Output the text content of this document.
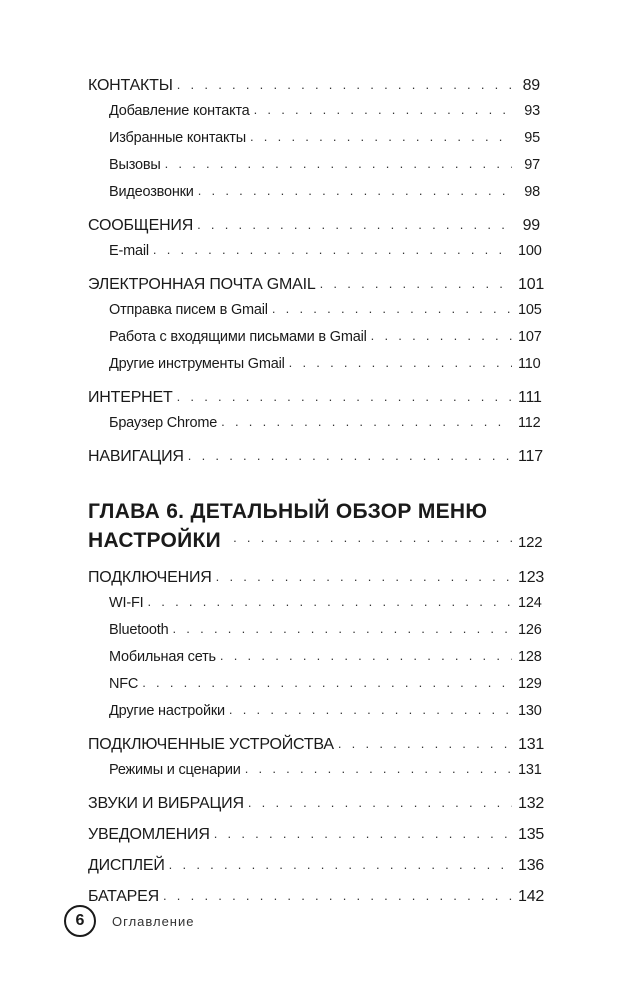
КОНТАКТЫ . . .	89
Добавление контакта . . .	93
Избранные контакты . . .	95
Вызовы . . .	97
Видеозвонки . . .	98
СООБЩЕНИЯ . . .	99
E-mail . . .	100
ЭЛЕКТРОННАЯ ПОЧТА GMAIL . . .	101
Отправка писем в Gmail . . .	105
Работа с входящими письмами в Gmail . . .	107
Другие инструменты Gmail . . .	110
ИНТЕРНЕТ . . .	111
Браузер Chrome . . .	112
НАВИГАЦИЯ . . .	117
ГЛАВА 6. ДЕТАЛЬНЫЙ ОБЗОР МЕНЮ
НАСТРОЙКИ . . .	122
ПОДКЛЮЧЕНИЯ . . .	123
WI-FI . . .	124
Bluetooth . . .	126
Мобильная сеть . . .	128
NFC . . .	129
Другие настройки . . .	130
ПОДКЛЮЧЕННЫЕ УСТРОЙСТВА . . .	131
Режимы и сценарии . . .	131
ЗВУКИ И ВИБРАЦИЯ . . .	132
УВЕДОМЛЕНИЯ . . .	135
ДИСПЛЕЙ . . .	136
БАТАРЕЯ . . .	142
6 Оглавление
